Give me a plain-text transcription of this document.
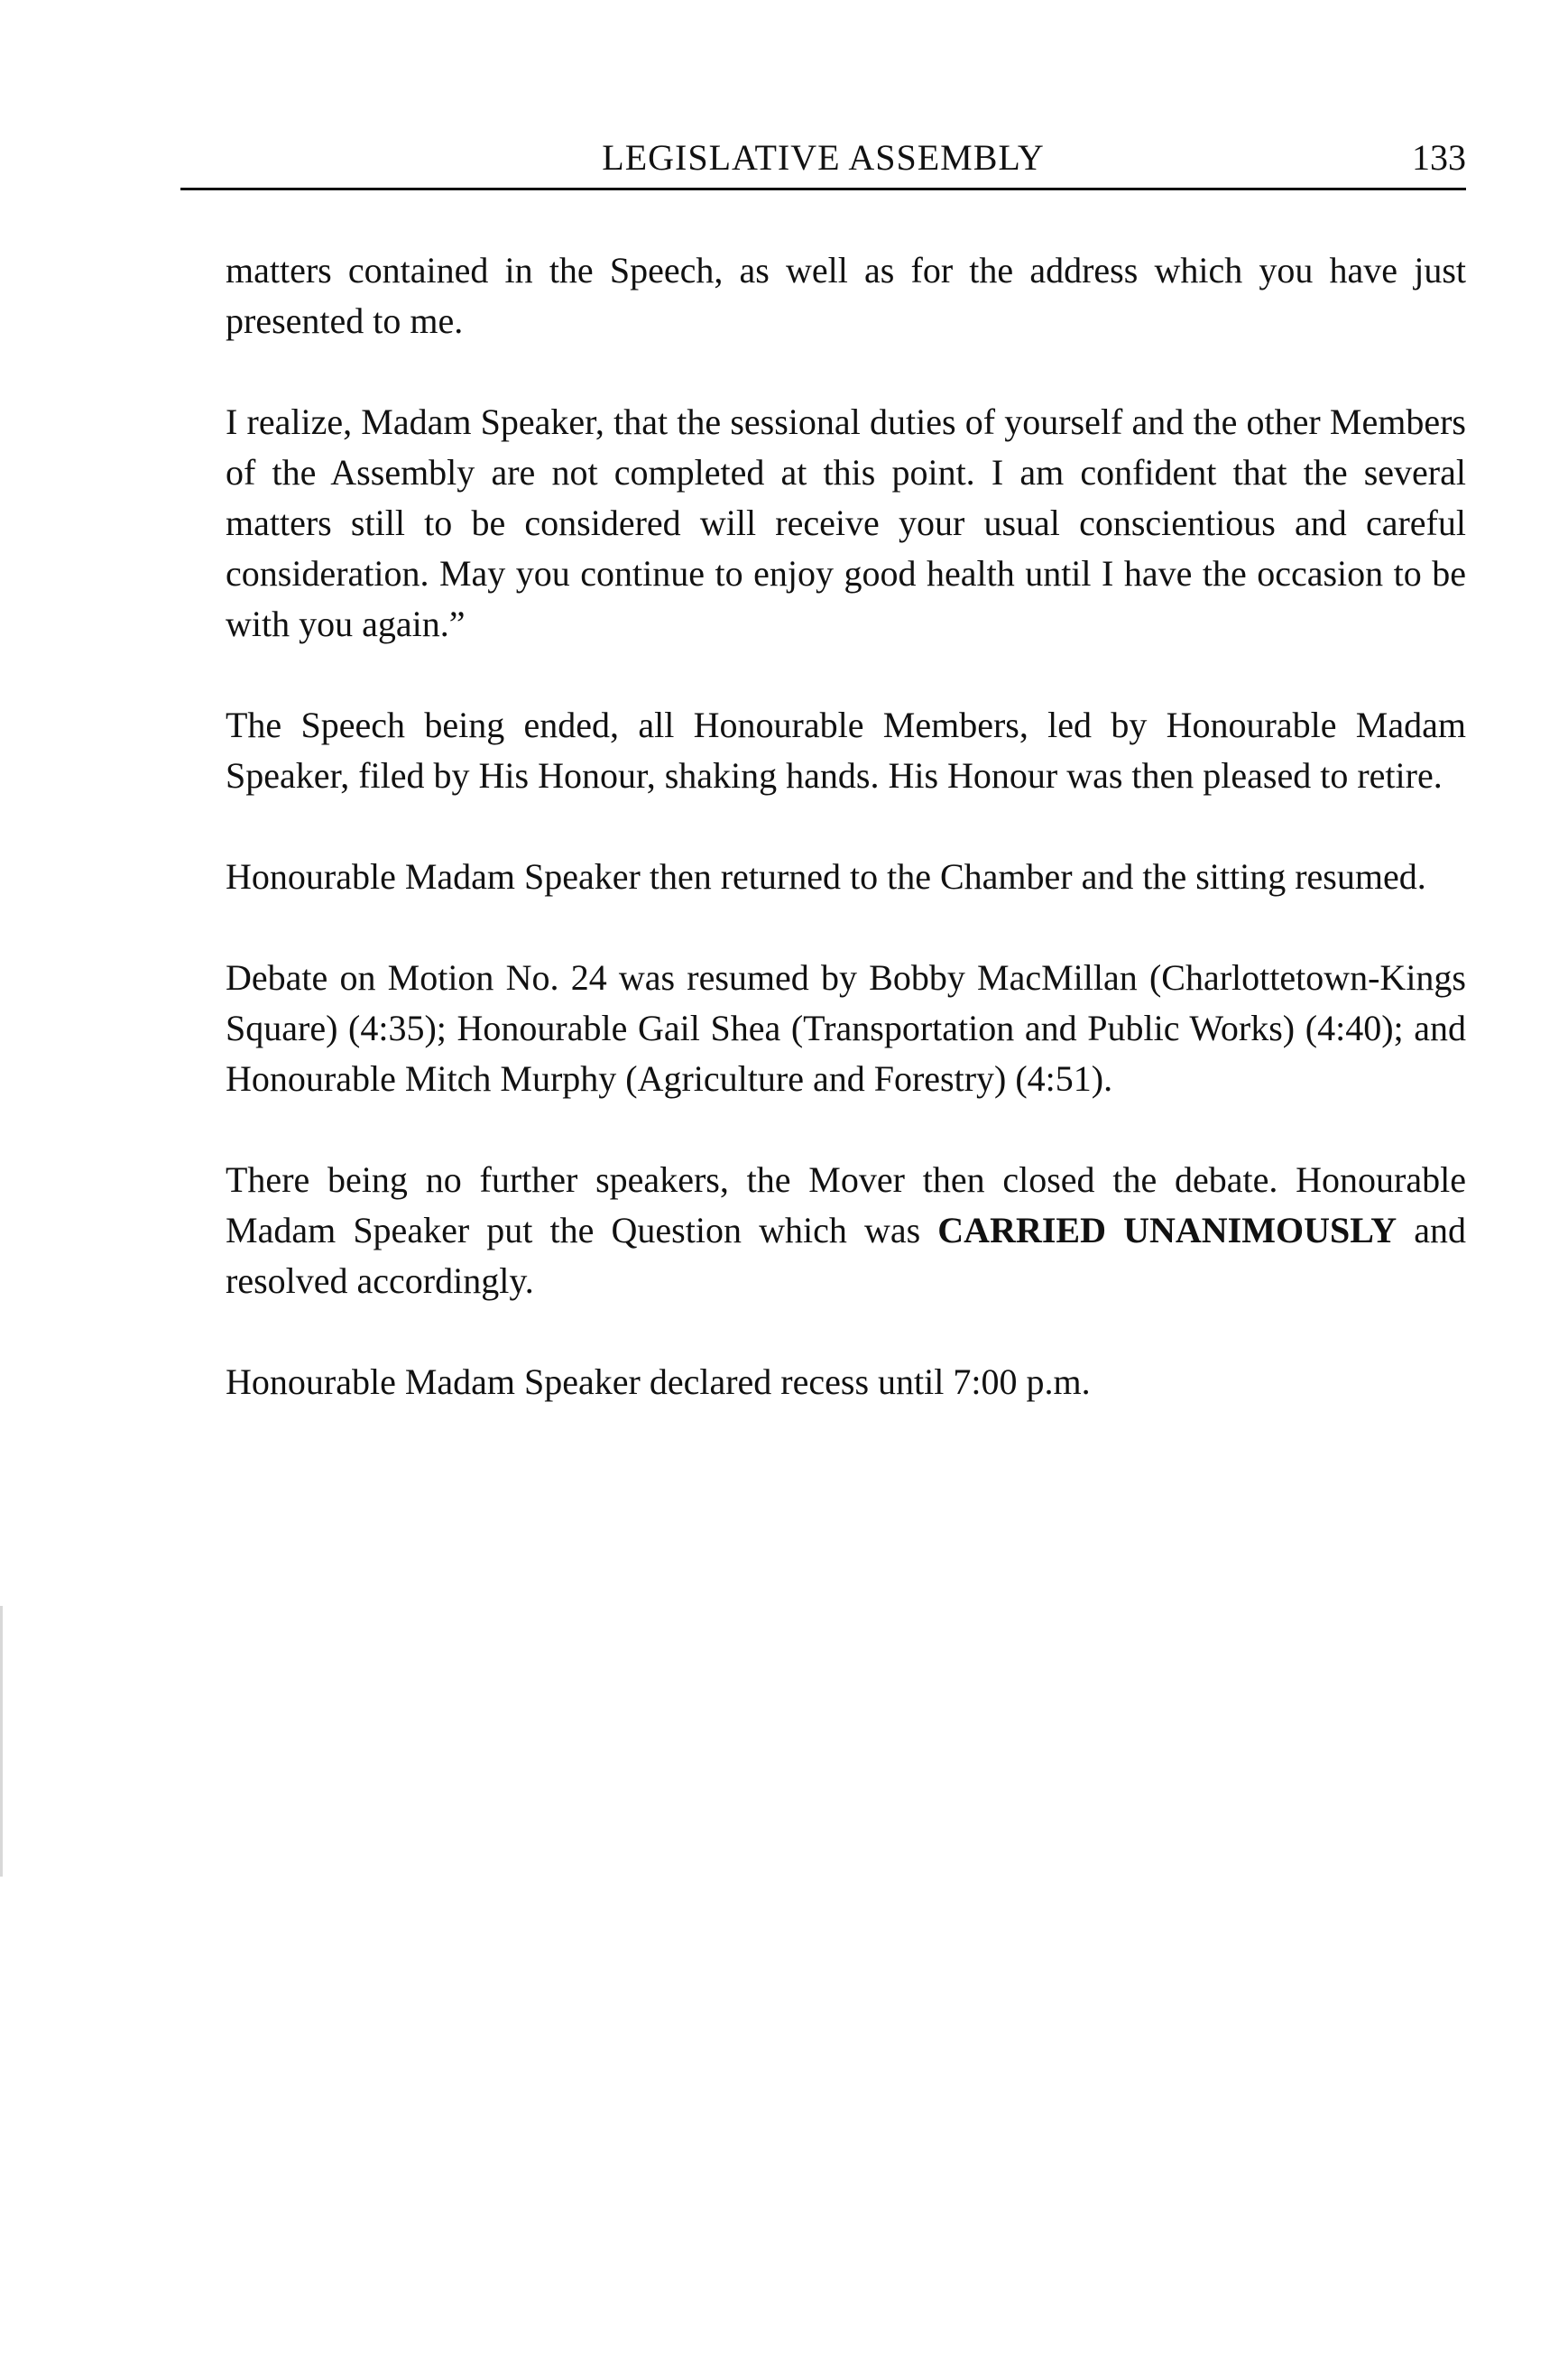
LEGISLATIVE ASSEMBLY	133

matters contained in the Speech, as well as for the address which you have just presented to me.

I realize, Madam Speaker, that the sessional duties of yourself and the other Members of the Assembly are not completed at this point. I am confident that the several matters still to be considered will receive your usual conscientious and careful consideration. May you continue to enjoy good health until I have the occasion to be with you again.”

The Speech being ended, all Honourable Members, led by Honourable Madam Speaker, filed by His Honour, shaking hands. His Honour was then pleased to retire.

Honourable Madam Speaker then returned to the Chamber and the sitting resumed.

Debate on Motion No. 24 was resumed by Bobby MacMillan (Charlottetown-Kings Square) (4:35); Honourable Gail Shea (Transportation and Public Works) (4:40); and Honourable Mitch Murphy (Agriculture and Forestry) (4:51).

There being no further speakers, the Mover then closed the debate. Honourable Madam Speaker put the Question which was CARRIED UNANIMOUSLY and resolved accordingly.

Honourable Madam Speaker declared recess until 7:00 p.m.
